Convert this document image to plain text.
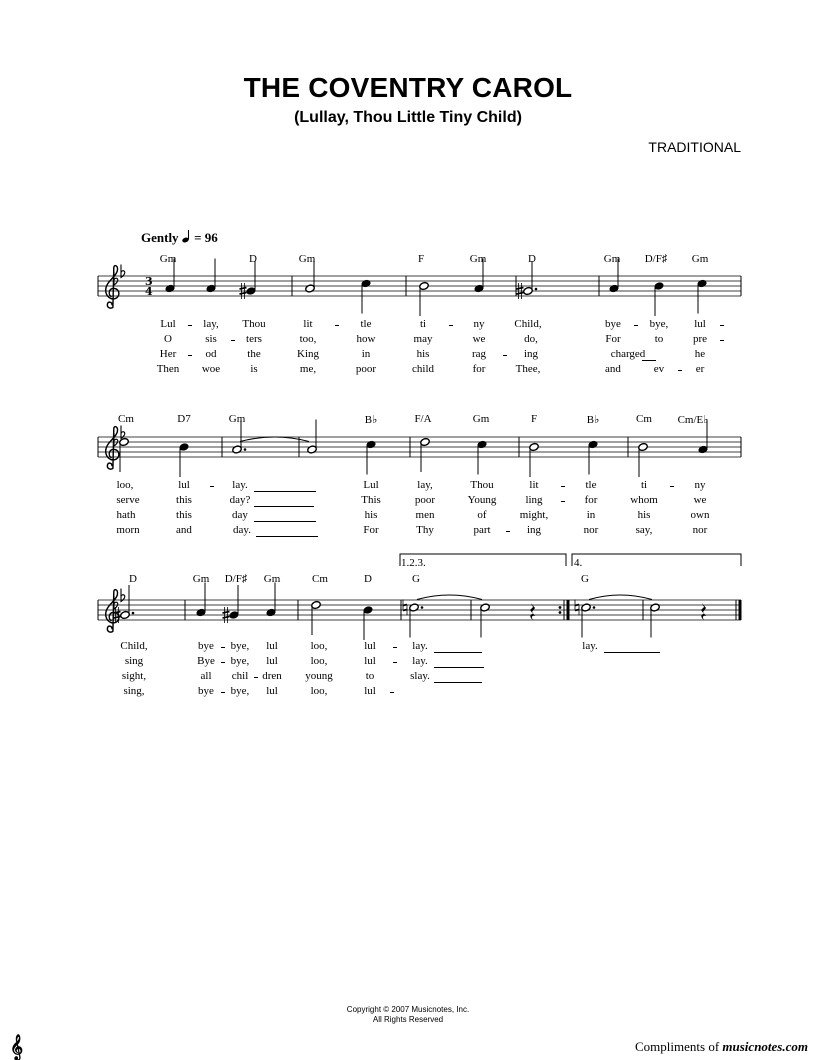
THE COVENTRY CAROL
(Lullay, Thou Little Tiny Child)
TRADITIONAL
Gently = 96
3
4
Gm	D	Gm	F	Gm	D	Gm D/F♯ Gm
Cm	D7	Gm	B♭	F/A	Gm	F	B♭	Cm Cm/E♭
D	Gm D/F♯ Gm	Cm	D	G	G
Lul	lay, Thou	lit	tle	ti	ny	Child,	bye	bye, lul
O	sis	ters	too,	how	may	we	do,	For	to	pre
Her	od	the	King	in	his	rag	ing	charged	he
Then woe	is	me,	poor	child	for	Thee,	and	ev	er
loo,	lul	lay.	Lul	lay,	Thou	lit	tle	ti	ny
serve	this	day?	This	poor	Young	ling	for	whom	we
hath	this	day	his	men	of	might,	in	his	own
morn	and	day.	For	Thy	part	ing	nor	say,	nor
Child,	bye bye, lul	loo,	lul	lay.	lay.
sing	Bye bye, lul	loo,	lul	lay.
sight,	all chil dren young	to	slay.
sing,	bye bye, lul	loo,	lul
Copyright © 2007 Musicnotes, Inc.
All Rights Reserved
𝄞	Compliments of musicnotes.com
1.2.3.	4.
